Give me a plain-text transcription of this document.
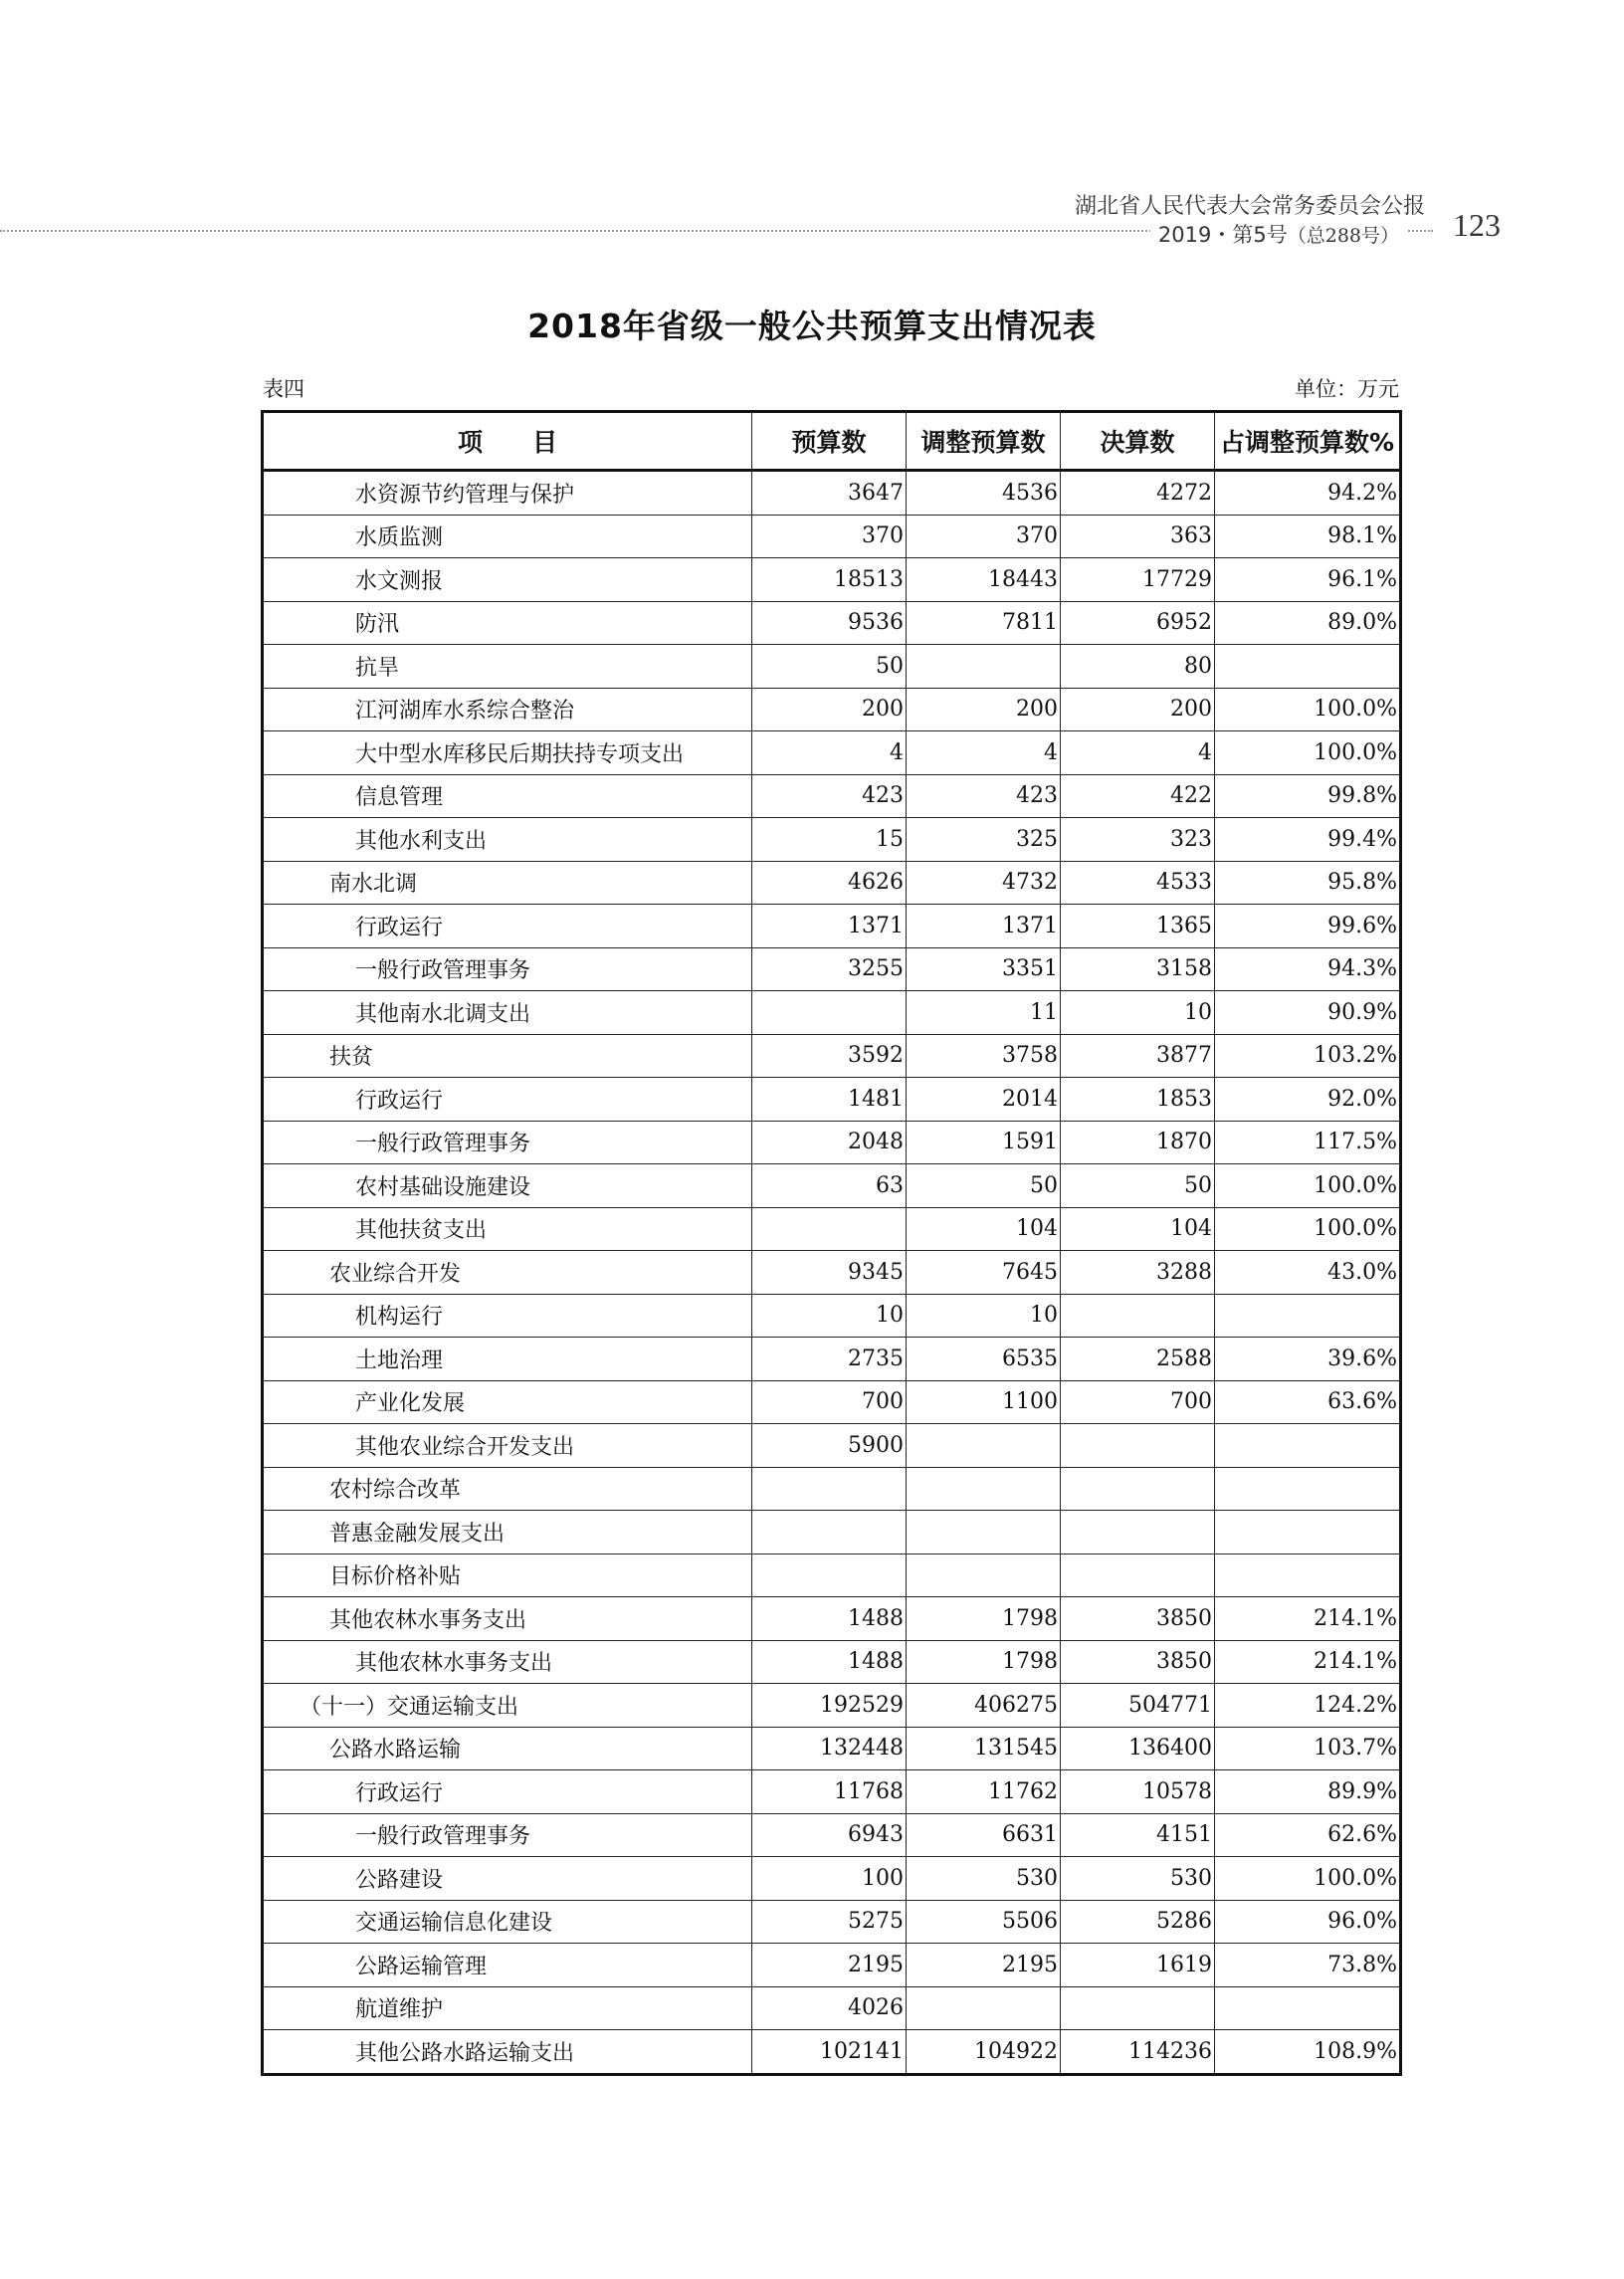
湖北省人民代表大会常务委员会公报
2019・第5号（总288号） 123
2018年省级一般公共预算支出情况表
表四	单位：万元
项　　目	预算数	调整预算数	决算数	占调整预算数%
水资源节约管理与保护	3647	4536	4272	94.2%
水质监测	370	370	363	98.1%
水文测报	18513	18443	17729	96.1%
防汛	9536	7811	6952	89.0%
抗旱	50		80	
江河湖库水系综合整治	200	200	200	100.0%
大中型水库移民后期扶持专项支出	4	4	4	100.0%
信息管理	423	423	422	99.8%
其他水利支出	15	325	323	99.4%
南水北调	4626	4732	4533	95.8%
行政运行	1371	1371	1365	99.6%
一般行政管理事务	3255	3351	3158	94.3%
其他南水北调支出		11	10	90.9%
扶贫	3592	3758	3877	103.2%
行政运行	1481	2014	1853	92.0%
一般行政管理事务	2048	1591	1870	117.5%
农村基础设施建设	63	50	50	100.0%
其他扶贫支出		104	104	100.0%
农业综合开发	9345	7645	3288	43.0%
机构运行	10	10		
土地治理	2735	6535	2588	39.6%
产业化发展	700	1100	700	63.6%
其他农业综合开发支出	5900			
农村综合改革				
普惠金融发展支出				
目标价格补贴				
其他农林水事务支出	1488	1798	3850	214.1%
其他农林水事务支出	1488	1798	3850	214.1%
（十一）交通运输支出	192529	406275	504771	124.2%
公路水路运输	132448	131545	136400	103.7%
行政运行	11768	11762	10578	89.9%
一般行政管理事务	6943	6631	4151	62.6%
公路建设	100	530	530	100.0%
交通运输信息化建设	5275	5506	5286	96.0%
公路运输管理	2195	2195	1619	73.8%
航道维护	4026			
其他公路水路运输支出	102141	104922	114236	108.9%
